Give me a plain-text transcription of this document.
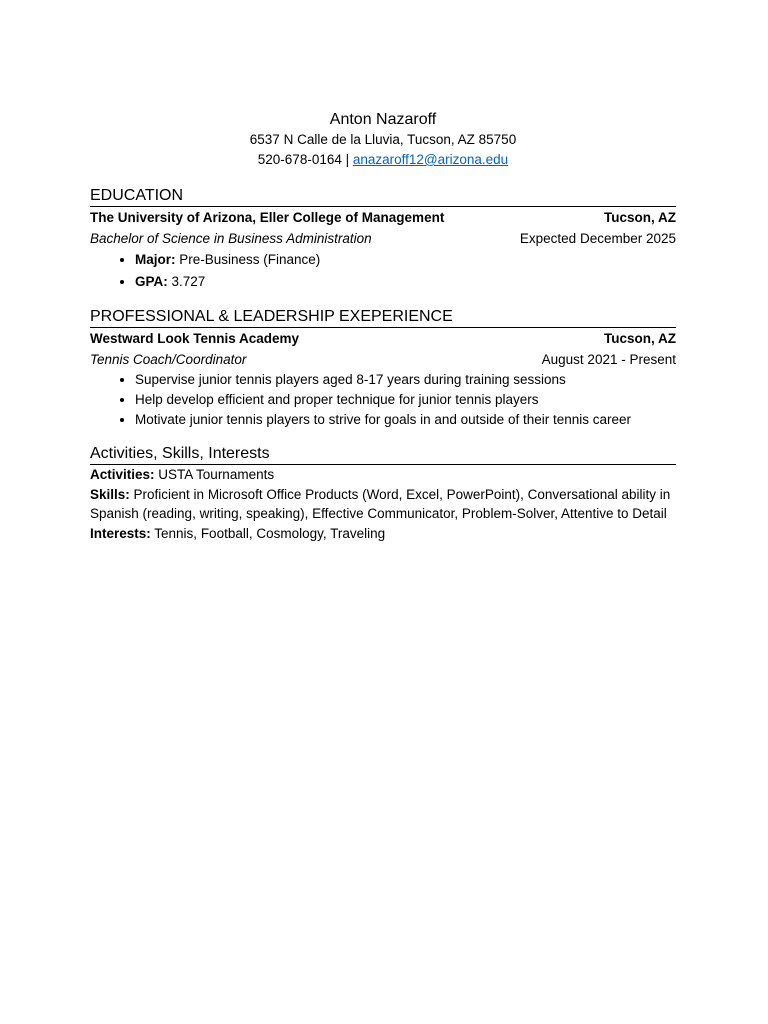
Anton Nazaroff

6537 N Calle de la Lluvia, Tucson, AZ 85750

520-678-0164 | anazaroff12@arizona.edu

EDUCATION
The University of Arizona, Eller College of Management	Tucson, AZ
Bachelor of Science in Business Administration	Expected December 2025
• Major: Pre-Business (Finance)
• GPA: 3.727
PROFESSIONAL & LEADERSHIP EXEPERIENCE
Westward Look Tennis Academy	Tucson, AZ
Tennis Coach/Coordinator	August 2021 - Present
• Supervise junior tennis players aged 8-17 years during training sessions
• Help develop efficient and proper technique for junior tennis players
• Motivate junior tennis players to strive for goals in and outside of their tennis career
Activities, Skills, Interests

Activities: USTA Tournaments

Skills: Proficient in Microsoft Office Products (Word, Excel, PowerPoint), Conversational ability in Spanish (reading, writing, speaking), Effective Communicator, Problem-Solver, Attentive to Detail

Interests: Tennis, Football, Cosmology, Traveling
